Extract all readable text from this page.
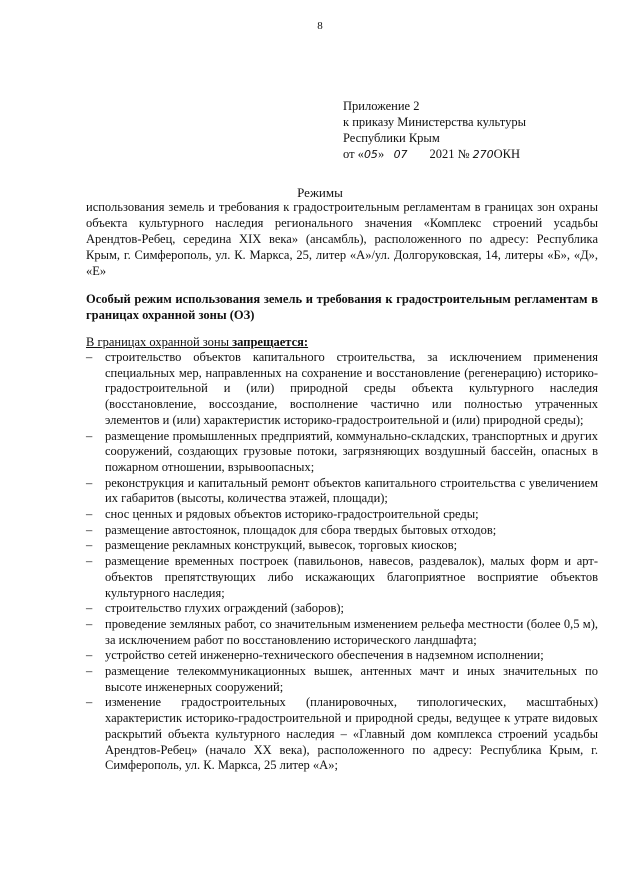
8
Приложение 2
к приказу Министерства культуры
Республики Крым
от «05» 07 2021 № 270ОКН
Режимы
использования земель и требования к градостроительным регламентам в границах зон охраны объекта культурного наследия регионального значения «Комплекс строений усадьбы Арендтов-Ребец, середина XIX века» (ансамбль), расположенного по адресу: Республика Крым, г. Симферополь, ул. К. Маркса, 25, литер «А»/ул. Долгоруковская, 14, литеры «Б», «Д», «Е»
Особый режим использования земель и требования к градостроительным регламентам в границах охранной зоны (ОЗ)
В границах охранной зоны запрещается:
– строительство объектов капитального строительства, за исключением применения специальных мер, направленных на сохранение и восстановление (регенерацию) историко-градостроительной и (или) природной среды объекта культурного наследия (восстановление, воссоздание, восполнение частично или полностью утраченных элементов и (или) характеристик историко-градостроительной и (или) природной среды);
– размещение промышленных предприятий, коммунально-складских, транспортных и других сооружений, создающих грузовые потоки, загрязняющих воздушный бассейн, опасных в пожарном отношении, взрывоопасных;
– реконструкция и капитальный ремонт объектов капитального строительства с увеличением их габаритов (высоты, количества этажей, площади);
– снос ценных и рядовых объектов историко-градостроительной среды;
– размещение автостоянок, площадок для сбора твердых бытовых отходов;
– размещение рекламных конструкций, вывесок, торговых киосков;
– размещение временных построек (павильонов, навесов, раздевалок), малых форм и арт-объектов препятствующих либо искажающих благоприятное восприятие объектов культурного наследия;
– строительство глухих ограждений (заборов);
– проведение земляных работ, со значительным изменением рельефа местности (более 0,5 м), за исключением работ по восстановлению исторического ландшафта;
– устройство сетей инженерно-технического обеспечения в надземном исполнении;
– размещение телекоммуникационных вышек, антенных мачт и иных значительных по высоте инженерных сооружений;
– изменение градостроительных (планировочных, типологических, масштабных) характеристик историко-градостроительной и природной среды, ведущее к утрате видовых раскрытий объекта культурного наследия – «Главный дом комплекса строений усадьбы Арендтов-Ребец» (начало XX века), расположенного по адресу: Республика Крым, г. Симферополь, ул. К. Маркса, 25 литер «А»;
